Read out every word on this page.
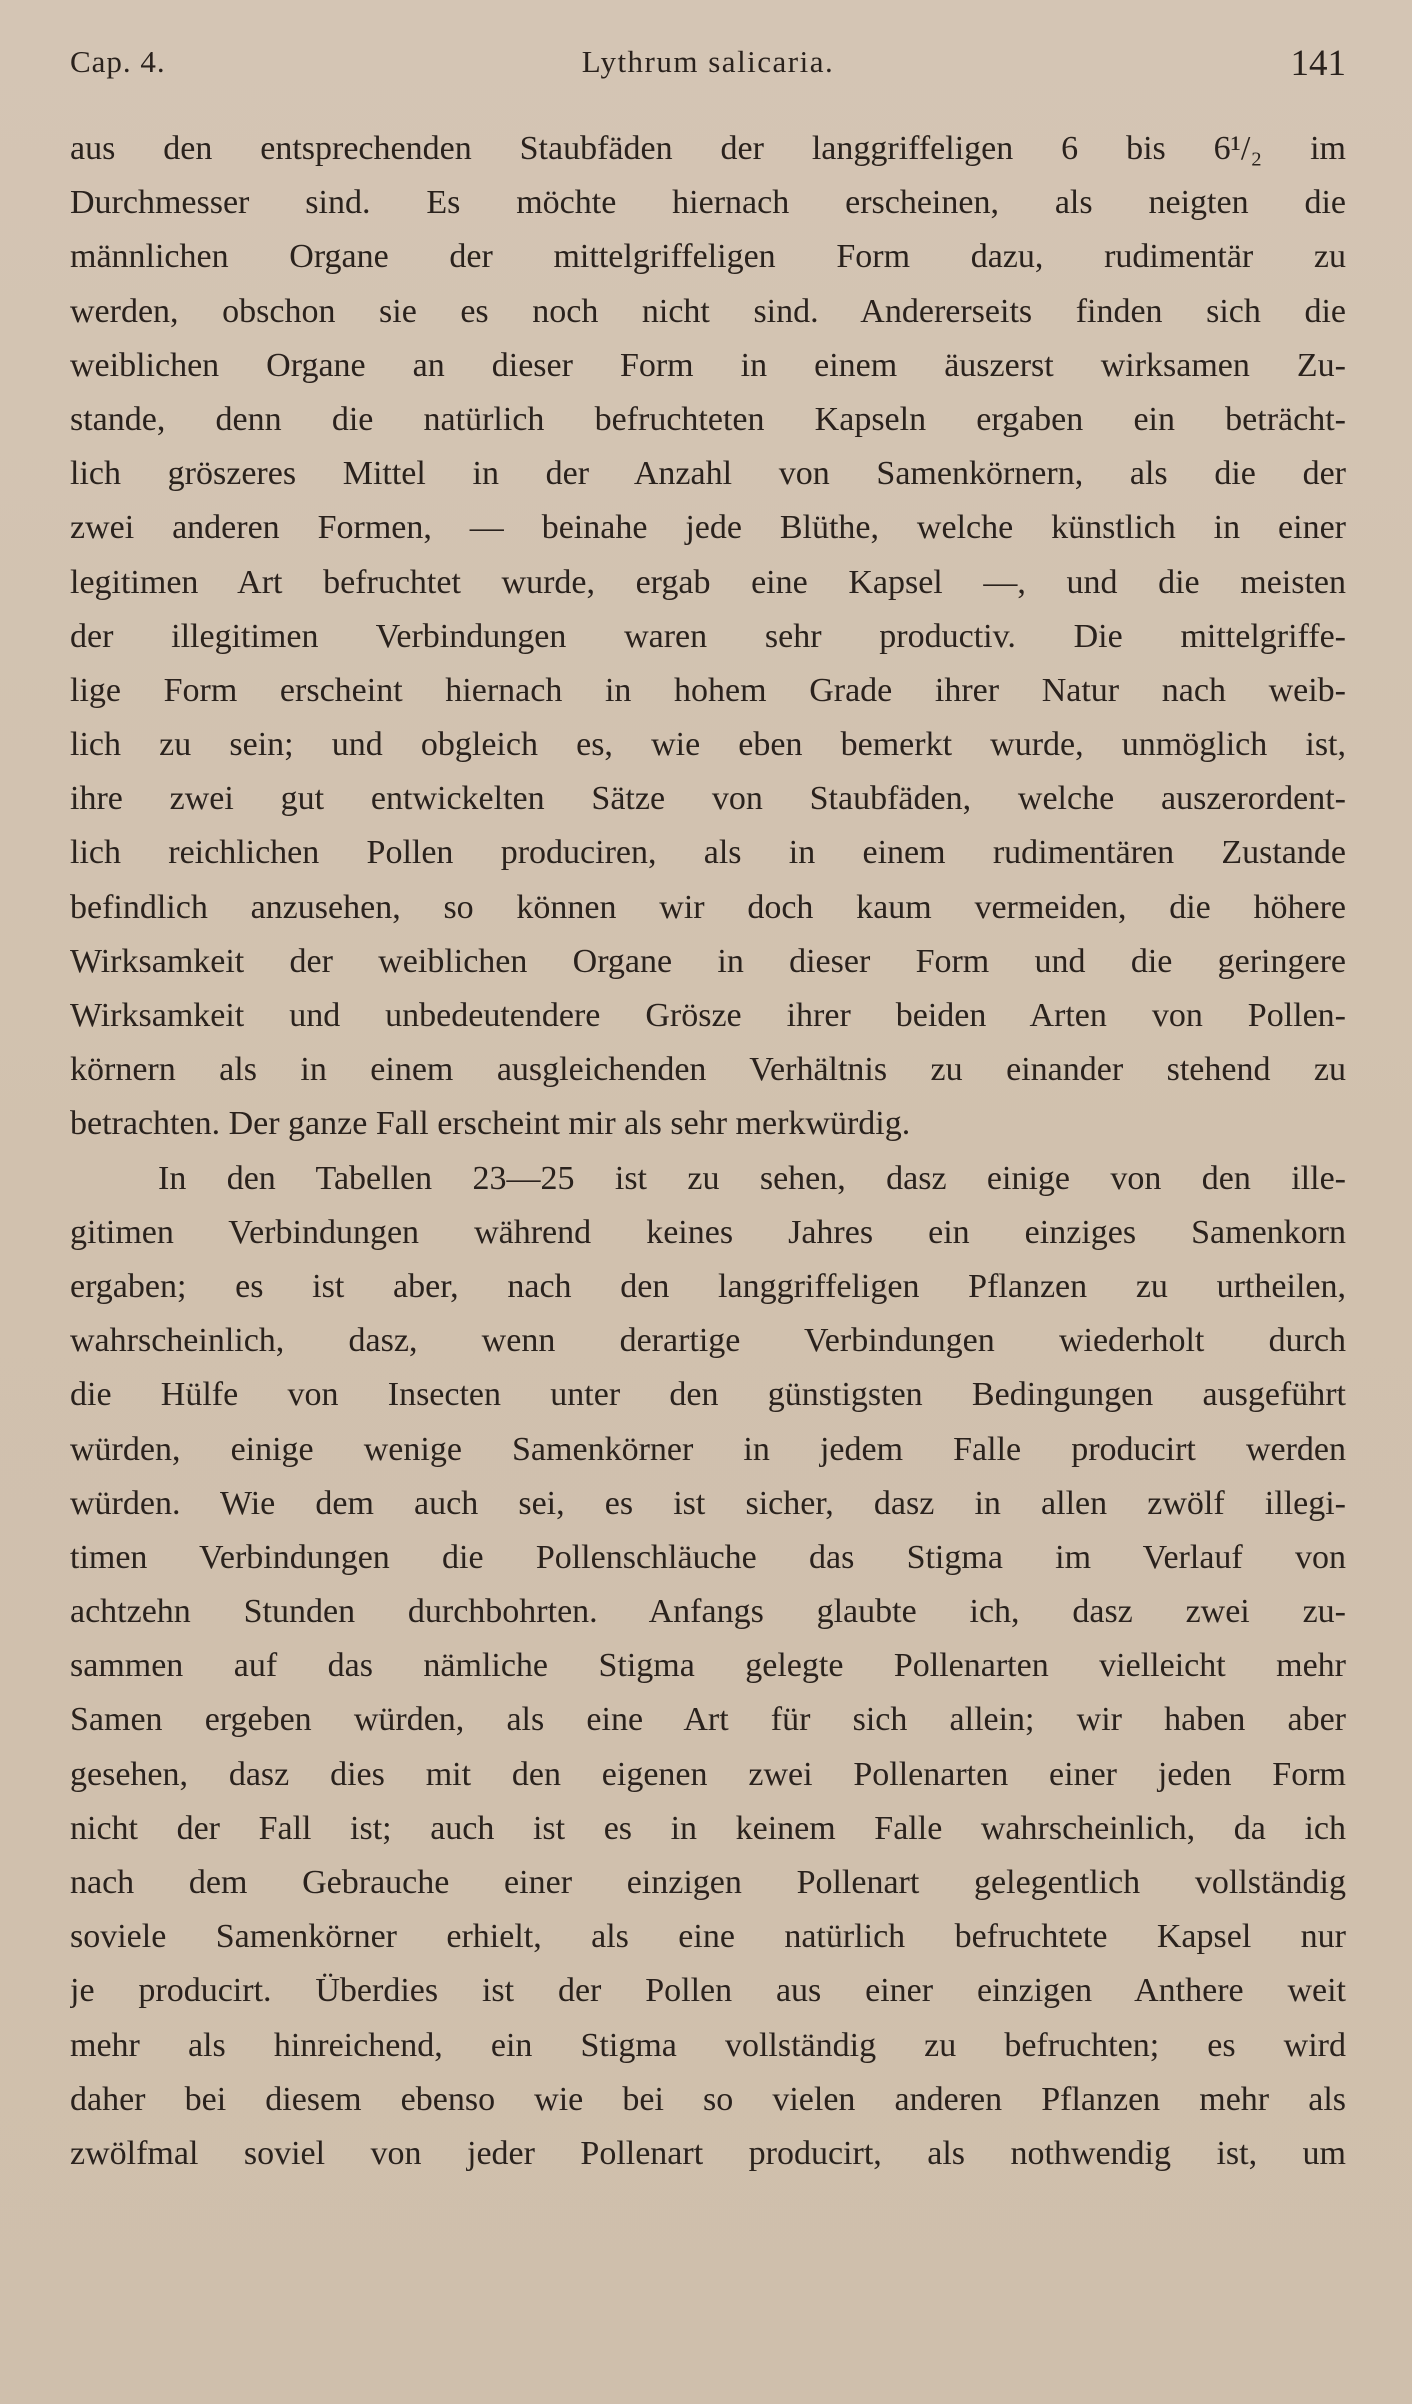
Cap. 4.	Lythrum salicaria.	141
aus den entsprechenden Staubfäden der langgriffeligen 6 bis 6¹/₂ im
Durchmesser sind. Es möchte hiernach erscheinen, als neigten die
männlichen Organe der mittelgriffeligen Form dazu, rudimentär zu
werden, obschon sie es noch nicht sind. Andererseits finden sich die
weiblichen Organe an dieser Form in einem äuszerst wirksamen Zu-
stande, denn die natürlich befruchteten Kapseln ergaben ein beträcht-
lich gröszeres Mittel in der Anzahl von Samenkörnern, als die der
zwei anderen Formen, — beinahe jede Blüthe, welche künstlich in einer
legitimen Art befruchtet wurde, ergab eine Kapsel —, und die meisten
der illegitimen Verbindungen waren sehr productiv. Die mittelgriffe-
lige Form erscheint hiernach in hohem Grade ihrer Natur nach weib-
lich zu sein; und obgleich es, wie eben bemerkt wurde, unmöglich ist,
ihre zwei gut entwickelten Sätze von Staubfäden, welche auszerordent-
lich reichlichen Pollen produciren, als in einem rudimentären Zustande
befindlich anzusehen, so können wir doch kaum vermeiden, die höhere
Wirksamkeit der weiblichen Organe in dieser Form und die geringere
Wirksamkeit und unbedeutendere Grösze ihrer beiden Arten von Pollen-
körnern als in einem ausgleichenden Verhältnis zu einander stehend zu
betrachten. Der ganze Fall erscheint mir als sehr merkwürdig.
In den Tabellen 23—25 ist zu sehen, dasz einige von den ille-
gitimen Verbindungen während keines Jahres ein einziges Samenkorn
ergaben; es ist aber, nach den langgriffeligen Pflanzen zu urtheilen,
wahrscheinlich, dasz, wenn derartige Verbindungen wiederholt durch
die Hülfe von Insecten unter den günstigsten Bedingungen ausgeführt
würden, einige wenige Samenkörner in jedem Falle producirt werden
würden. Wie dem auch sei, es ist sicher, dasz in allen zwölf illegi-
timen Verbindungen die Pollenschläuche das Stigma im Verlauf von
achtzehn Stunden durchbohrten. Anfangs glaubte ich, dasz zwei zu-
sammen auf das nämliche Stigma gelegte Pollenarten vielleicht mehr
Samen ergeben würden, als eine Art für sich allein; wir haben aber
gesehen, dasz dies mit den eigenen zwei Pollenarten einer jeden Form
nicht der Fall ist; auch ist es in keinem Falle wahrscheinlich, da ich
nach dem Gebrauche einer einzigen Pollenart gelegentlich vollständig
soviele Samenkörner erhielt, als eine natürlich befruchtete Kapsel nur
je producirt. Überdies ist der Pollen aus einer einzigen Anthere weit
mehr als hinreichend, ein Stigma vollständig zu befruchten; es wird
daher bei diesem ebenso wie bei so vielen anderen Pflanzen mehr als
zwölfmal soviel von jeder Pollenart producirt, als nothwendig ist, um
